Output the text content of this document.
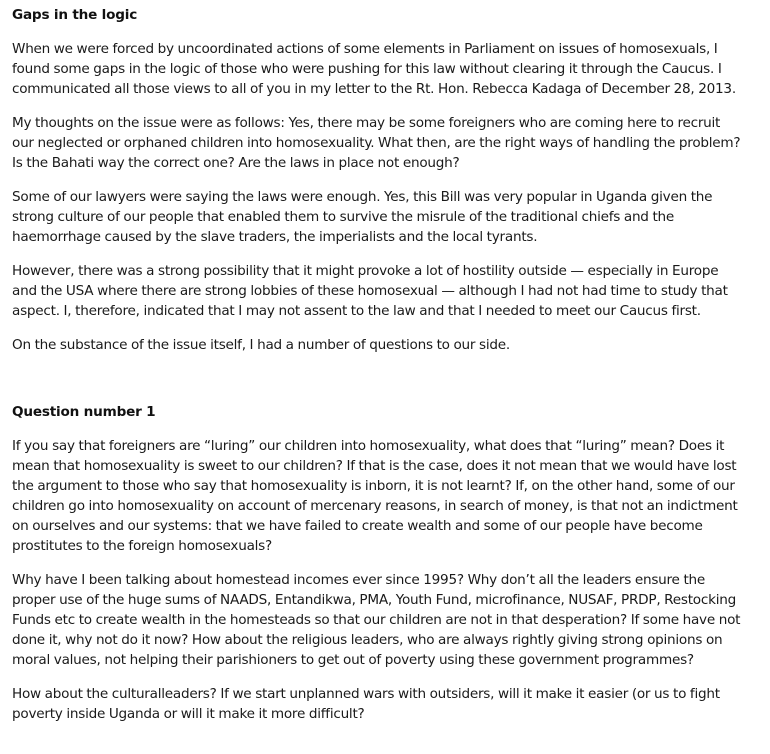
Gaps in the logic

When we were forced by uncoordinated actions of some elements in Parliament on issues of homosexuals, I
found some gaps in the logic of those who were pushing for this law without clearing it through the Caucus. I
communicated all those views to all of you in my letter to the Rt. Hon. Rebecca Kadaga of December 28, 2013.

My thoughts on the issue were as follows: Yes, there may be some foreigners who are coming here to recruit
our neglected or orphaned children into homosexuality. What then, are the right ways of handling the problem?
Is the Bahati way the correct one? Are the laws in place not enough?

Some of our lawyers were saying the laws were enough. Yes, this Bill was very popular in Uganda given the
strong culture of our people that enabled them to survive the misrule of the traditional chiefs and the
haemorrhage caused by the slave traders, the imperialists and the local tyrants.

However, there was a strong possibility that it might provoke a lot of hostility outside — especially in Europe
and the USA where there are strong lobbies of these homosexual — although I had not had time to study that
aspect. I, therefore, indicated that I may not assent to the law and that I needed to meet our Caucus first.

On the substance of the issue itself, I had a number of questions to our side.

Question number 1

If you say that foreigners are “luring” our children into homosexuality, what does that “luring” mean? Does it
mean that homosexuality is sweet to our children? If that is the case, does it not mean that we would have lost
the argument to those who say that homosexuality is inborn, it is not learnt? If, on the other hand, some of our
children go into homosexuality on account of mercenary reasons, in search of money, is that not an indictment
on ourselves and our systems: that we have failed to create wealth and some of our people have become
prostitutes to the foreign homosexuals?

Why have I been talking about homestead incomes ever since 1995? Why don’t all the leaders ensure the
proper use of the huge sums of NAADS, Entandikwa, PMA, Youth Fund, microfinance, NUSAF, PRDP, Restocking
Funds etc to create wealth in the homesteads so that our children are not in that desperation? If some have not
done it, why not do it now? How about the religious leaders, who are always rightly giving strong opinions on
moral values, not helping their parishioners to get out of poverty using these government programmes?

How about the culturalleaders? If we start unplanned wars with outsiders, will it make it easier (or us to fight
poverty inside Uganda or will it make it more difficult?
